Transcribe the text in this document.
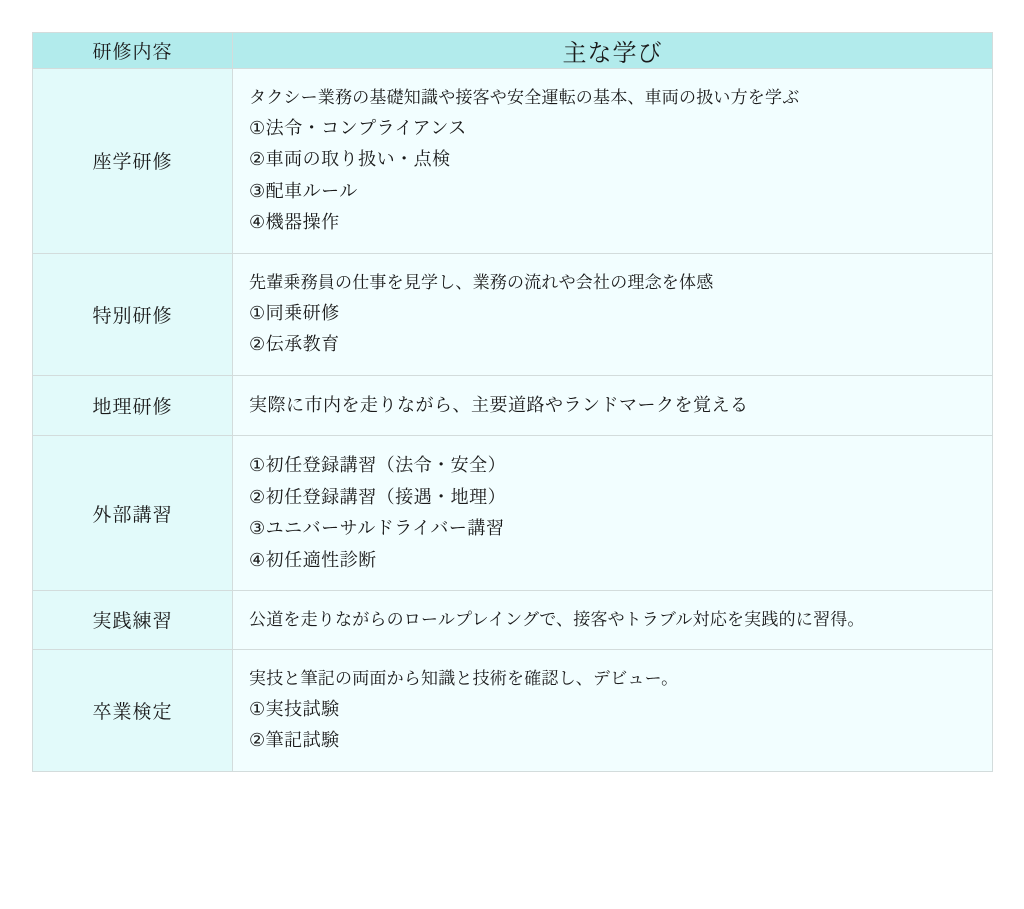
研修内容	主な学び
座学研修	タクシー業務の基礎知識や接客や安全運転の基本、車両の扱い方を学ぶ
①法令・コンプライアンス
②車両の取り扱い・点検
③配車ルール
④機器操作

特別研修	先輩乗務員の仕事を見学し、業務の流れや会社の理念を体感
①同乗研修
②伝承教育

地理研修	実際に市内を走りながら、主要道路やランドマークを覚える

外部講習	①初任登録講習（法令・安全）
②初任登録講習（接遇・地理）
③ユニバーサルドライバー講習
④初任適性診断

実践練習	公道を走りながらのロールプレイングで、接客やトラブル対応を実践的に習得。

卒業検定	実技と筆記の両面から知識と技術を確認し、デビュー。
①実技試験
②筆記試験
